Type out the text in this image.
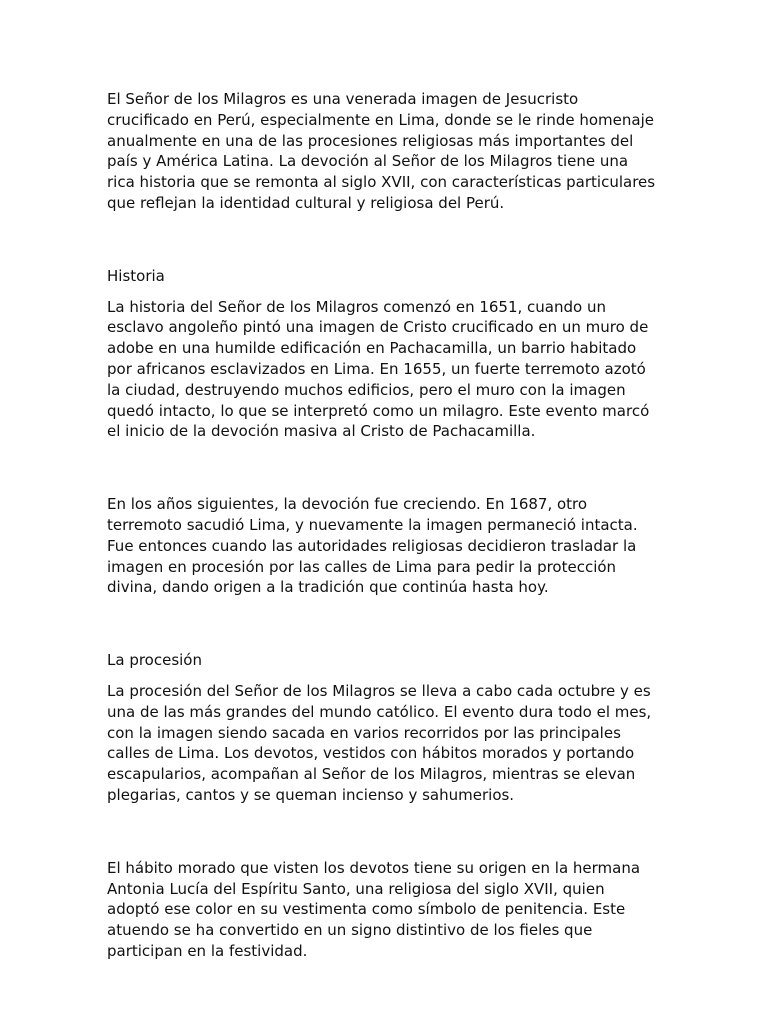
El Señor de los Milagros es una venerada imagen de Jesucristo
crucificado en Perú, especialmente en Lima, donde se le rinde homenaje
anualmente en una de las procesiones religiosas más importantes del
país y América Latina. La devoción al Señor de los Milagros tiene una
rica historia que se remonta al siglo XVII, con características particulares
que reflejan la identidad cultural y religiosa del Perú.

Historia

La historia del Señor de los Milagros comenzó en 1651, cuando un
esclavo angoleño pintó una imagen de Cristo crucificado en un muro de
adobe en una humilde edificación en Pachacamilla, un barrio habitado
por africanos esclavizados en Lima. En 1655, un fuerte terremoto azotó
la ciudad, destruyendo muchos edificios, pero el muro con la imagen
quedó intacto, lo que se interpretó como un milagro. Este evento marcó
el inicio de la devoción masiva al Cristo de Pachacamilla.

En los años siguientes, la devoción fue creciendo. En 1687, otro
terremoto sacudió Lima, y nuevamente la imagen permaneció intacta.
Fue entonces cuando las autoridades religiosas decidieron trasladar la
imagen en procesión por las calles de Lima para pedir la protección
divina, dando origen a la tradición que continúa hasta hoy.

La procesión

La procesión del Señor de los Milagros se lleva a cabo cada octubre y es
una de las más grandes del mundo católico. El evento dura todo el mes,
con la imagen siendo sacada en varios recorridos por las principales
calles de Lima. Los devotos, vestidos con hábitos morados y portando
escapularios, acompañan al Señor de los Milagros, mientras se elevan
plegarias, cantos y se queman incienso y sahumerios.

El hábito morado que visten los devotos tiene su origen en la hermana
Antonia Lucía del Espíritu Santo, una religiosa del siglo XVII, quien
adoptó ese color en su vestimenta como símbolo de penitencia. Este
atuendo se ha convertido en un signo distintivo de los fieles que
participan en la festividad.
